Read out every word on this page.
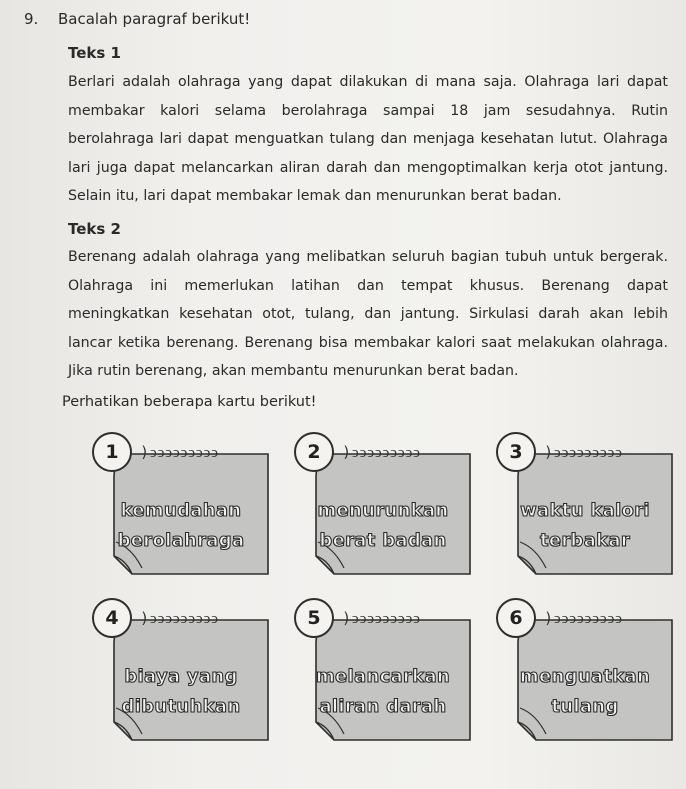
9. Bacalah paragraf berikut!
Teks 1

Berlari adalah olahraga yang dapat dilakukan di mana saja. Olahraga lari dapat membakar kalori selama berolahraga sampai 18 jam sesudahnya. Rutin berolahraga lari dapat menguatkan tulang dan menjaga kesehatan lutut. Olahraga lari juga dapat melancarkan aliran darah dan mengoptimalkan kerja otot jantung. Selain itu, lari dapat membakar lemak dan menurunkan berat badan.

Teks 2

Berenang adalah olahraga yang melibatkan seluruh bagian tubuh untuk bergerak. Olahraga ini memerlukan latihan dan tempat khusus. Berenang dapat meningkatkan kesehatan otot, tulang, dan jantung. Sirkulasi darah akan lebih lancar ketika berenang. Berenang bisa membakar kalori saat melakukan olahraga. Jika rutin berenang, akan membantu menurunkan berat badan.

Perhatikan beberapa kartu berikut!
1	)ↄↄↄↄↄↄↄↄↄ
kemudahan
berolahraga
2	)ↄↄↄↄↄↄↄↄↄ
menurunkan
berat badan
3	)ↄↄↄↄↄↄↄↄↄ
waktu kalori
terbakar
4	)ↄↄↄↄↄↄↄↄↄ
biaya yang
dibutuhkan
5	)ↄↄↄↄↄↄↄↄↄ
melancarkan
aliran darah
6	)ↄↄↄↄↄↄↄↄↄ
menguatkan
tulang
